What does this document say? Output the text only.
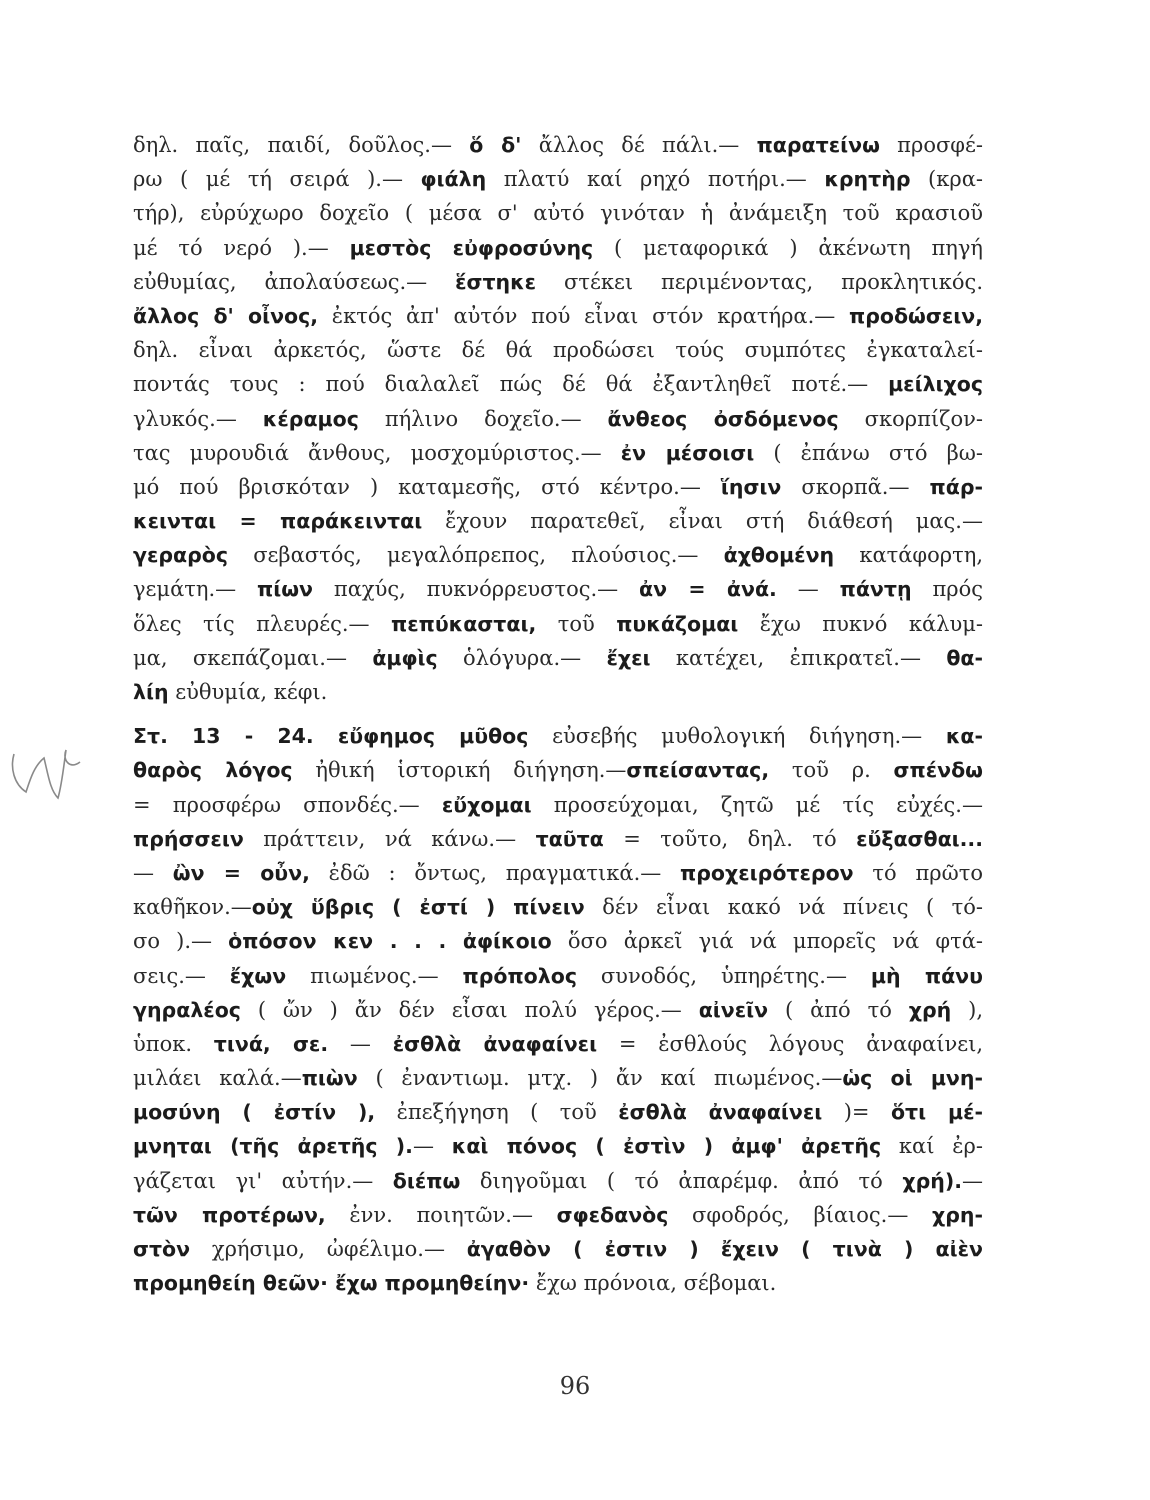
δηλ. παῖς, παιδί, δοῦλος.— ὅ δ' ἄλλος δέ πάλι.— παρατείνω προσφέ-
ρω ( μέ τή σειρά ).— φιάλη πλατύ καί ρηχό ποτήρι.— κρητὴρ (κρα-
τήρ), εὐρύχωρο δοχεῖο ( μέσα σ' αὐτό γινόταν ἡ ἀνάμειξη τοῦ κρασιοῦ
μέ τό νερό ).— μεστὸς εὐφροσύνης ( μεταφορικά ) ἀκένωτη πηγή
εὐθυμίας, ἀπολαύσεως.— ἕστηκε στέκει περιμένοντας, προκλητικός.
ἄλλος δ' οἶνος, ἐκτός ἀπ' αὐτόν πού εἶναι στόν κρατήρα.— προδώσειν,
δηλ. εἶναι ἀρκετός, ὥστε δέ θά προδώσει τούς συμπότες ἐγκαταλεί-
ποντάς τους : πού διαλαλεῖ πώς δέ θά ἐξαντληθεῖ ποτέ.— μείλιχος
γλυκός.— κέραμος πήλινο δοχεῖο.— ἄνθεος ὀσδόμενος σκορπίζον-
τας μυρουδιά ἄνθους, μοσχομύριστος.— ἐν μέσοισι ( ἐπάνω στό βω-
μό πού βρισκόταν ) καταμεσῆς, στό κέντρο.— ἵησιν σκορπᾶ.— πάρ-
κεινται = παράκεινται ἔχουν παρατεθεῖ, εἶναι στή διάθεσή μας.—
γεραρὸς σεβαστός, μεγαλόπρεπος, πλούσιος.— ἀχθομένη κατάφορτη,
γεμάτη.— πίων παχύς, πυκνόρρευστος.— ἀν = ἀνά. — πάντῃ πρός
ὅλες τίς πλευρές.— πεπύκασται, τοῦ πυκάζομαι ἔχω πυκνό κάλυμ-
μα, σκεπάζομαι.— ἀμφὶς ὁλόγυρα.— ἔχει κατέχει, ἐπικρατεῖ.— θα-
λίη εὐθυμία, κέφι.
Στ. 13 - 24. εὔφημος μῦθος εὐσεβής μυθολογική διήγηση.— κα-
θαρὸς λόγος ἠθική ἱστορική διήγηση.—σπείσαντας, τοῦ ρ. σπένδω
= προσφέρω σπονδές.— εὔχομαι προσεύχομαι, ζητῶ μέ τίς εὐχές.—
πρήσσειν πράττειν, νά κάνω.— ταῦτα = τοῦτο, δηλ. τό εὔξασθαι...
— ὢν = οὖν, ἐδῶ : ὄντως, πραγματικά.— προχειρότερον τό πρῶτο
καθῆκον.—οὐχ ὕβρις ( ἐστί ) πίνειν δέν εἶναι κακό νά πίνεις ( τό-
σο ).— ὁπόσον κεν . . . ἀφίκοιο ὅσο ἀρκεῖ γιά νά μπορεῖς νά φτά-
σεις.— ἔχων πιωμένος.— πρόπολος συνοδός, ὑπηρέτης.— μὴ πάνυ
γηραλέος ( ὤν ) ἄν δέν εἶσαι πολύ γέρος.— αἰνεῖν ( ἀπό τό χρή ),
ὑποκ. τινά, σε. — ἐσθλὰ ἀναφαίνει = ἐσθλούς λόγους ἀναφαίνει,
μιλάει καλά.—πιὼν ( ἐναντιωμ. μτχ. ) ἄν καί πιωμένος.—ὡς οἱ μνη-
μοσύνη ( ἐστίν ), ἐπεξήγηση ( τοῦ ἐσθλὰ ἀναφαίνει )= ὅτι μέ-
μνηται (τῆς ἀρετῆς ).— καὶ πόνος ( ἐστὶν ) ἀμφ' ἀρετῆς καί ἐρ-
γάζεται γι' αὐτήν.— διέπω διηγοῦμαι ( τό ἀπαρέμφ. ἀπό τό χρή).—
τῶν προτέρων, ἐνν. ποιητῶν.— σφεδανὸς σφοδρός, βίαιος.— χρη-
στὸν χρήσιμο, ὠφέλιμο.— ἀγαθὸν ( ἐστιν ) ἔχειν ( τινὰ ) αἰὲν
προμηθείη θεῶν· ἔχω προμηθείην· ἔχω πρόνοια, σέβομαι.
96
